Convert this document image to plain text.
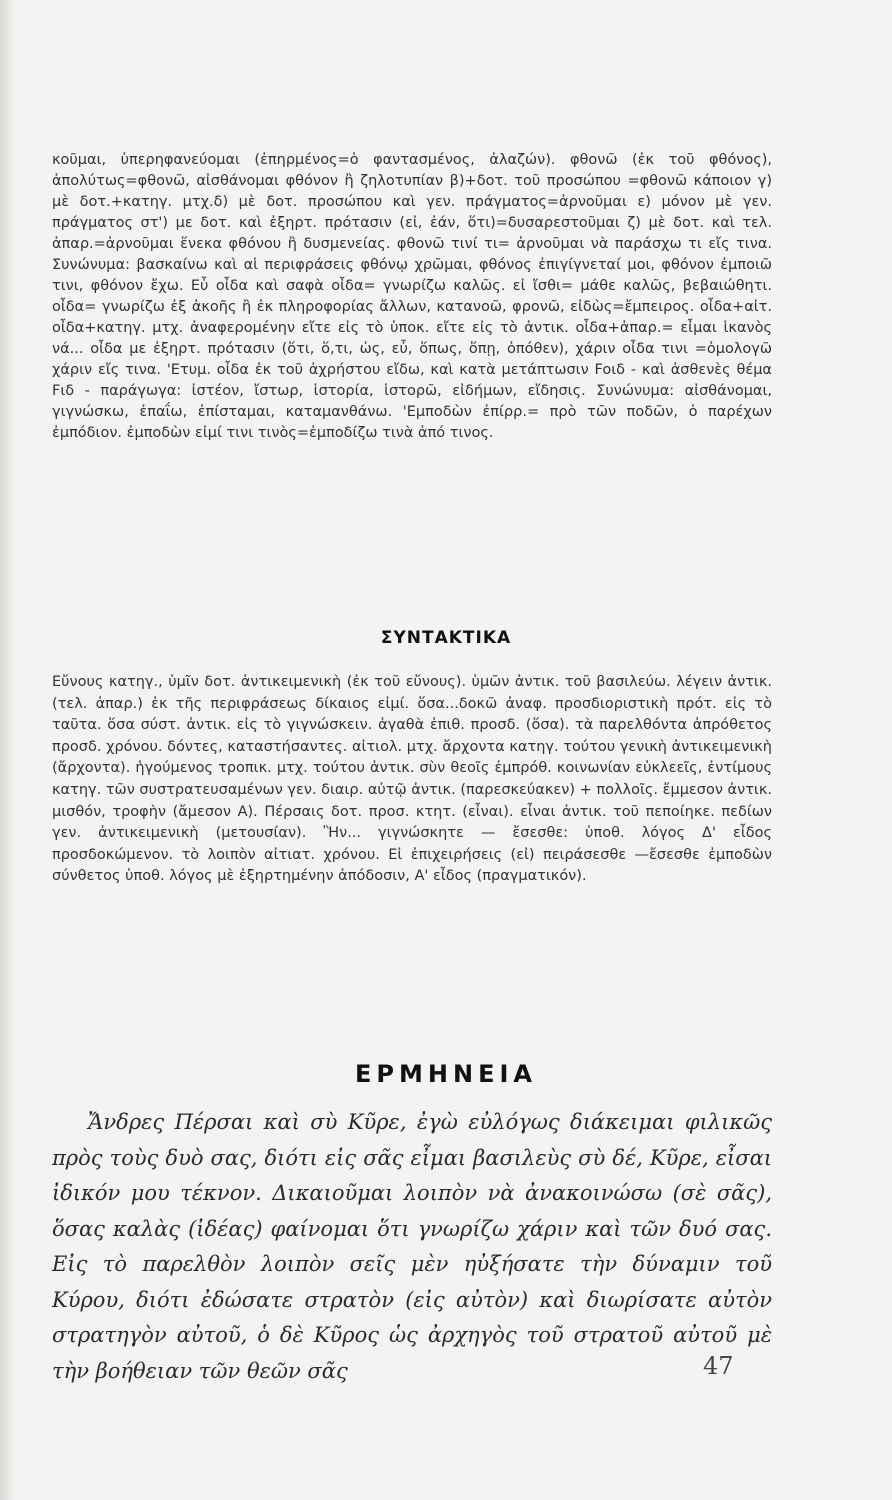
κοῦμαι, ὑπερηφανεύομαι (ἐπηρμένος=ὁ φαντασμένος, ἀλαζών). φθονῶ (ἐκ τοῦ φθόνος), ἀπολύτως=φθονῶ, αἰσθάνομαι φθόνον ἢ ζηλοτυπίαν β)+δοτ. τοῦ προσώπου =φθονῶ κάποιον γ) μὲ δοτ.+κατηγ. μτχ.δ) μὲ δοτ. προσώπου καὶ γεν. πράγματος=ἀρνοῦμαι ε) μόνον μὲ γεν. πράγματος στ') με δοτ. καὶ ἐξηρτ. πρότασιν (εἰ, ἐάν, ὅτι)=δυσαρεστοῦμαι ζ) μὲ δοτ. καὶ τελ. ἀπαρ.=ἀρνοῦμαι ἕνεκα φθόνου ἢ δυσμενείας. φθονῶ τινί τι= ἀρνοῦμαι νὰ παράσχω τι εἴς τινα. Συνώνυμα: βασκαίνω καὶ αἱ περιφράσεις φθόνῳ χρῶμαι, φθόνος ἐπιγίγνεταί μοι, φθόνον ἐμποιῶ τινι, φθόνον ἔχω. Εὖ οἶδα καὶ σαφὰ οἶδα= γνωρίζω καλῶς. εἰ ἴσθι= μάθε καλῶς, βεβαιώθητι. οἶδα= γνωρίζω ἐξ ἀκοῆς ἢ ἐκ πληροφορίας ἄλλων, κατανοῶ, φρονῶ, εἰδὼς=ἔμπειρος. οἶδα+αἰτ. οἶδα+κατηγ. μτχ. ἀναφερομένην εἴτε εἰς τὸ ὑποκ. εἴτε εἰς τὸ ἀντικ. οἶδα+ἀπαρ.= εἶμαι ἱκανὸς νά... οἶδα με ἐξηρτ. πρότασιν (ὅτι, ὅ,τι, ὡς, εὖ, ὅπως, ὅπῃ, ὁπόθεν), χάριν οἶδα τινι =ὁμολογῶ χάριν εἴς τινα. 'Ετυμ. οἶδα ἐκ τοῦ ἀχρήστου εἴδω, καὶ κατὰ μετάπτωσιν Foιδ - καὶ ἀσθενὲς θέμα Fιδ - παράγωγα: ἰστέον, ἴστωρ, ἱστορία, ἱστορῶ, εἰδήμων, εἴδησις. Συνώνυμα: αἰσθάνομαι, γιγνώσκω, ἐπαΐω, ἐπίσταμαι, καταμανθάνω. 'Εμποδὼν ἐπίρρ.= πρὸ τῶν ποδῶν, ὁ παρέχων ἐμπόδιον. ἐμποδὼν εἰμί τινι τινὸς=ἐμποδίζω τινὰ ἀπό τινος.

ΣΥΝΤΑΚΤΙΚΑ

Εὔνους κατηγ., ὑμῖν δοτ. ἀντικειμενικὴ (ἐκ τοῦ εὔνους). ὑμῶν ἀντικ. τοῦ βασιλεύω. λέγειν ἀντικ. (τελ. ἀπαρ.) ἐκ τῆς περιφράσεως δίκαιος εἰμί. ὅσα...δοκῶ ἀναφ. προσδιοριστικὴ πρότ. εἰς τὸ ταῦτα. ὅσα σύστ. ἀντικ. εἰς τὸ γιγνώσκειν. ἀγαθὰ ἐπιθ. προσδ. (ὅσα). τὰ παρελθόντα ἀπρόθετος προσδ. χρόνου. δόντες, καταστήσαντες. αἰτιολ. μτχ. ἄρχοντα κατηγ. τούτου γενικὴ ἀντικειμενικὴ (ἄρχοντα). ἡγούμενος τροπικ. μτχ. τούτου ἀντικ. σὺν θεοῖς ἐμπρόθ. κοινωνίαν εὐκλεεῖς, ἐντίμους κατηγ. τῶν συστρατευσαμένων γεν. διαιρ. αὐτῷ ἀντικ. (παρεσκεύακεν) + πολλοῖς. ἔμμεσον ἀντικ. μισθόν, τροφὴν (ἄμεσον Α). Πέρσαις δοτ. προσ. κτητ. (εἶναι). εἶναι ἀντικ. τοῦ πεποίηκε. πεδίων γεν. ἀντικειμενικὴ (μετουσίαν). Ἢν... γιγνώσκητε — ἔσεσθε: ὑποθ. λόγος Δ' εἶδος προσδοκώμενον. τὸ λοιπὸν αἰτιατ. χρόνου. Εἰ ἐπιχειρήσεις (εἰ) πειράσεσθε —ἔσεσθε ἐμποδὼν σύνθετος ὑποθ. λόγος μὲ ἐξηρτημένην ἀπόδοσιν, Α' εἶδος (πραγματικόν).

ΕΡΜΗΝΕΙΑ

Ἄνδρες Πέρσαι καὶ σὺ Κῦρε, ἐγὼ εὐλόγως διάκειμαι φιλικῶς πρὸς τοὺς δυὸ σας, διότι εἰς σᾶς εἶμαι βασιλεὺς σὺ δέ, Κῦρε, εἶσαι ἰδικόν μου τέκνον. Δικαιοῦμαι λοιπὸν νὰ ἀνακοινώσω (σὲ σᾶς), ὅσας καλὰς (ἰδέας) φαίνομαι ὅτι γνωρίζω χάριν καὶ τῶν δυό σας. Εἰς τὸ παρελθὸν λοιπὸν σεῖς μὲν ηὐξήσατε τὴν δύναμιν τοῦ Κύρου, διότι ἐδώσατε στρατὸν (εἰς αὐτὸν) καὶ διωρίσατε αὐτὸν στρατηγὸν αὐτοῦ, ὁ δὲ Κῦρος ὡς ἀρχηγὸς τοῦ στρατοῦ αὐτοῦ μὲ τὴν βοήθειαν τῶν θεῶν σᾶς	47
